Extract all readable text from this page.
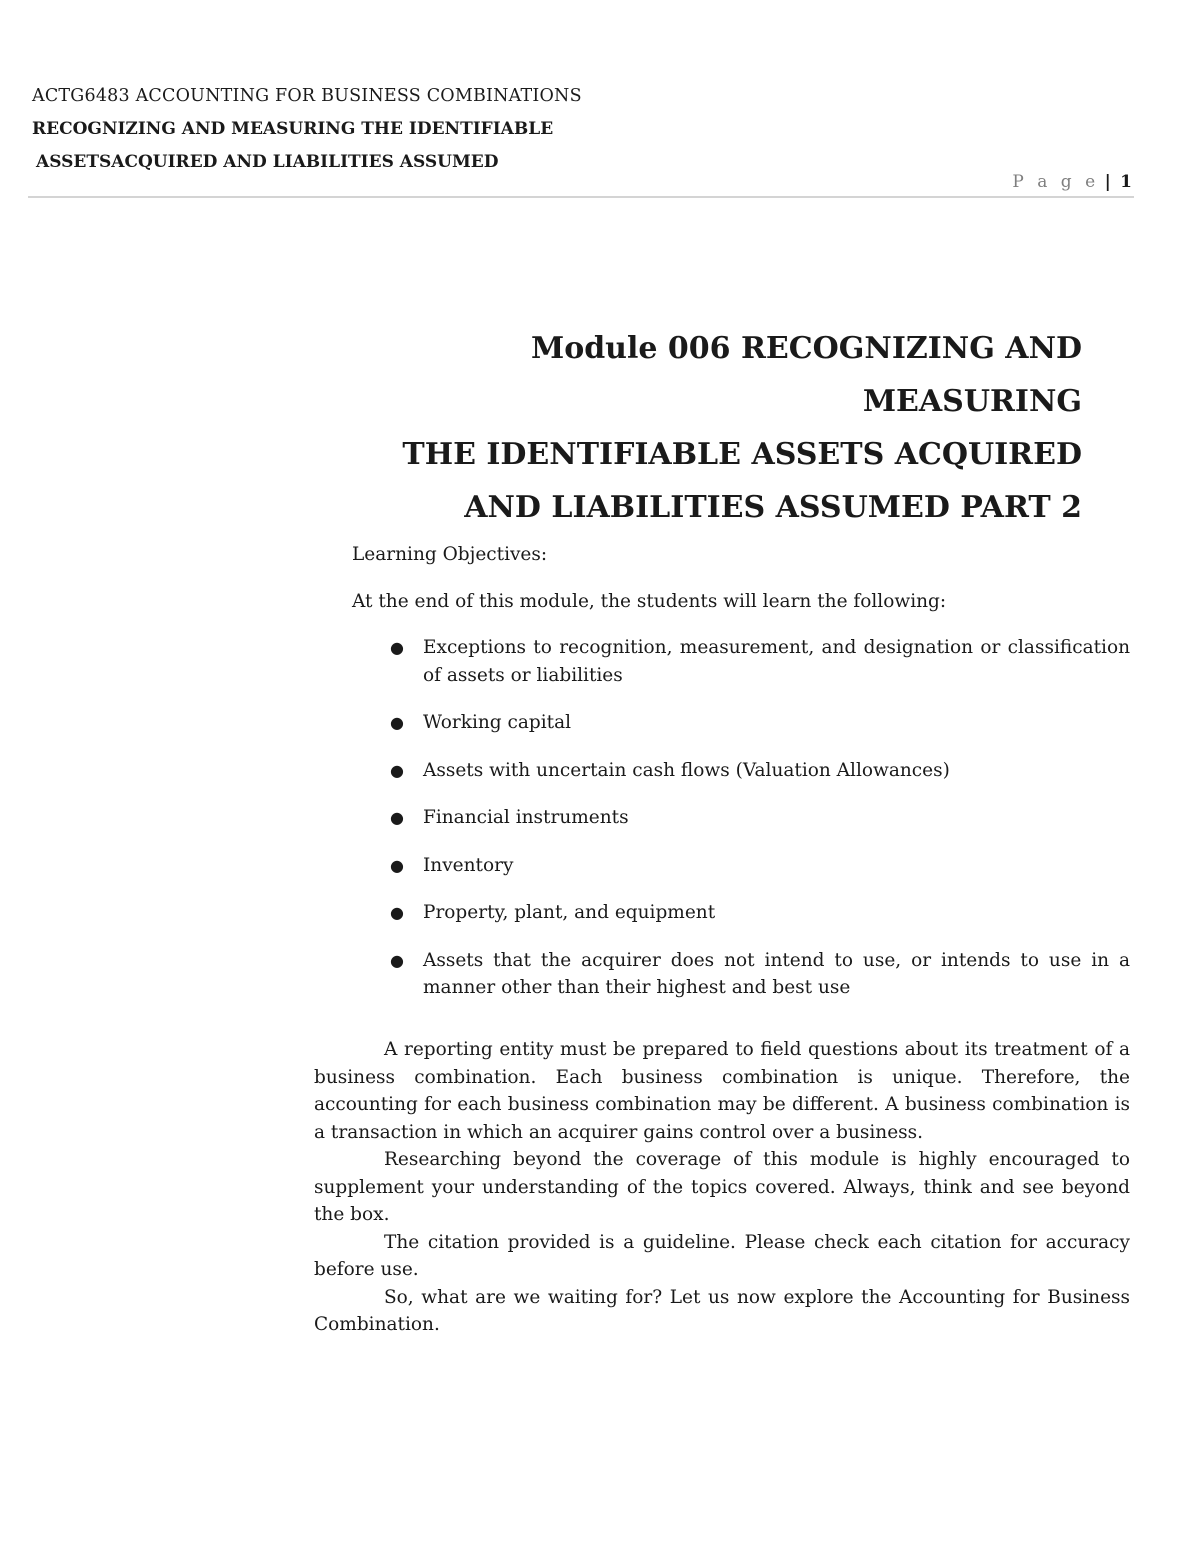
ACTG6483 ACCOUNTING FOR BUSINESS COMBINATIONS
RECOGNIZING AND MEASURING THE IDENTIFIABLE
ASSETSACQUIRED AND LIABILITIES ASSUMED
P a g e | 1
Module 006 RECOGNIZING AND MEASURING
THE IDENTIFIABLE ASSETS ACQUIRED
AND LIABILITIES ASSUMED PART 2

Learning Objectives:

At the end of this module, the students will learn the following:

● Exceptions to recognition, measurement, and designation or classification of assets or liabilities
● Working capital
● Assets with uncertain cash flows (Valuation Allowances)
● Financial instruments
● Inventory
● Property, plant, and equipment
● Assets that the acquirer does not intend to use, or intends to use in a manner other than their highest and best use

A reporting entity must be prepared to field questions about its treatment of a business combination. Each business combination is unique. Therefore, the accounting for each business combination may be different. A business combination is a transaction in which an acquirer gains control over a business.

Researching beyond the coverage of this module is highly encouraged to supplement your understanding of the topics covered. Always, think and see beyond the box.

The citation provided is a guideline. Please check each citation for accuracy before use.

So, what are we waiting for? Let us now explore the Accounting for Business Combination.
